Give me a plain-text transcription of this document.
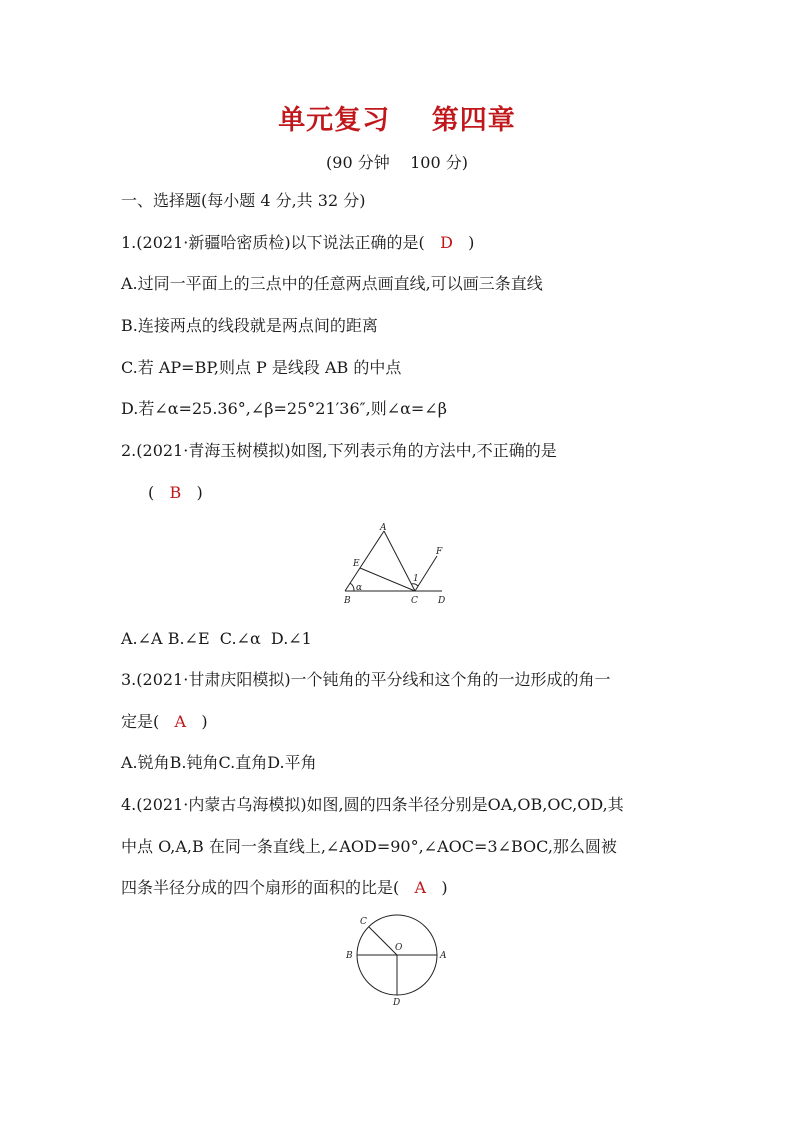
单元复习    第四章
(90 分钟    100 分)
一、选择题(每小题 4 分,共 32 分)
1.(2021·新疆哈密质检)以下说法正确的是( D )
A.过同一平面上的三点中的任意两点画直线,可以画三条直线
B.连接两点的线段就是两点间的距离
C.若 AP=BP,则点 P 是线段 AB 的中点
D.若∠α=25.36°,∠β=25°21′36″,则∠α=∠β
2.(2021·青海玉树模拟)如图,下列表示角的方法中,不正确的是
( B )
A
B	C D
E
F
α
1
A.∠A B.∠E  C.∠α  D.∠1
3.(2021·甘肃庆阳模拟)一个钝角的平分线和这个角的一边形成的角一
定是( A )
A.锐角B.钝角C.直角D.平角
4.(2021·内蒙古乌海模拟)如图,圆的四条半径分别是OA,OB,OC,OD,其
中点 O,A,B 在同一条直线上,∠AOD=90°,∠AOC=3∠BOC,那么圆被
四条半径分成的四个扇形的面积的比是( A )
O
A
B
C
D
